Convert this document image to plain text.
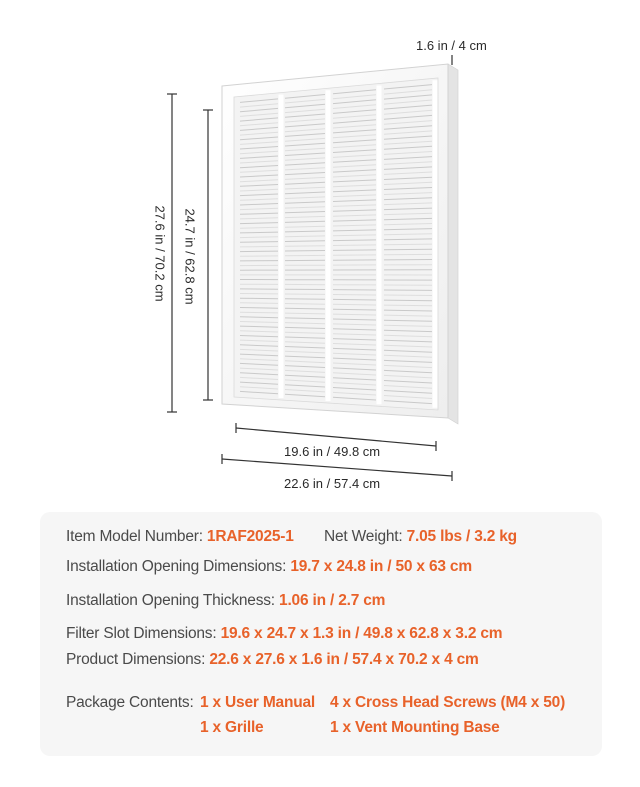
1.6 in / 4 cm
27.6 in / 70.2 cm 24.7 in / 62.8 cm
19.6 in / 49.8 cm
22.6 in / 57.4 cm
Item Model Number: 1RAF2025-1 Net Weight: 7.05 lbs / 3.2 kg
Installation Opening Dimensions: 19.7 x 24.8 in / 50 x 63 cm
Installation Opening Thickness: 1.06 in / 2.7 cm
Filter Slot Dimensions: 19.6 x 24.7 x 1.3 in / 49.8 x 62.8 x 3.2 cm
Product Dimensions: 22.6 x 27.6 x 1.6 in / 57.4 x 70.2 x 4 cm
Package Contents: 1 x User Manual 4 x Cross Head Screws (M4 x 50)
1 x Grille	1 x Vent Mounting Base
